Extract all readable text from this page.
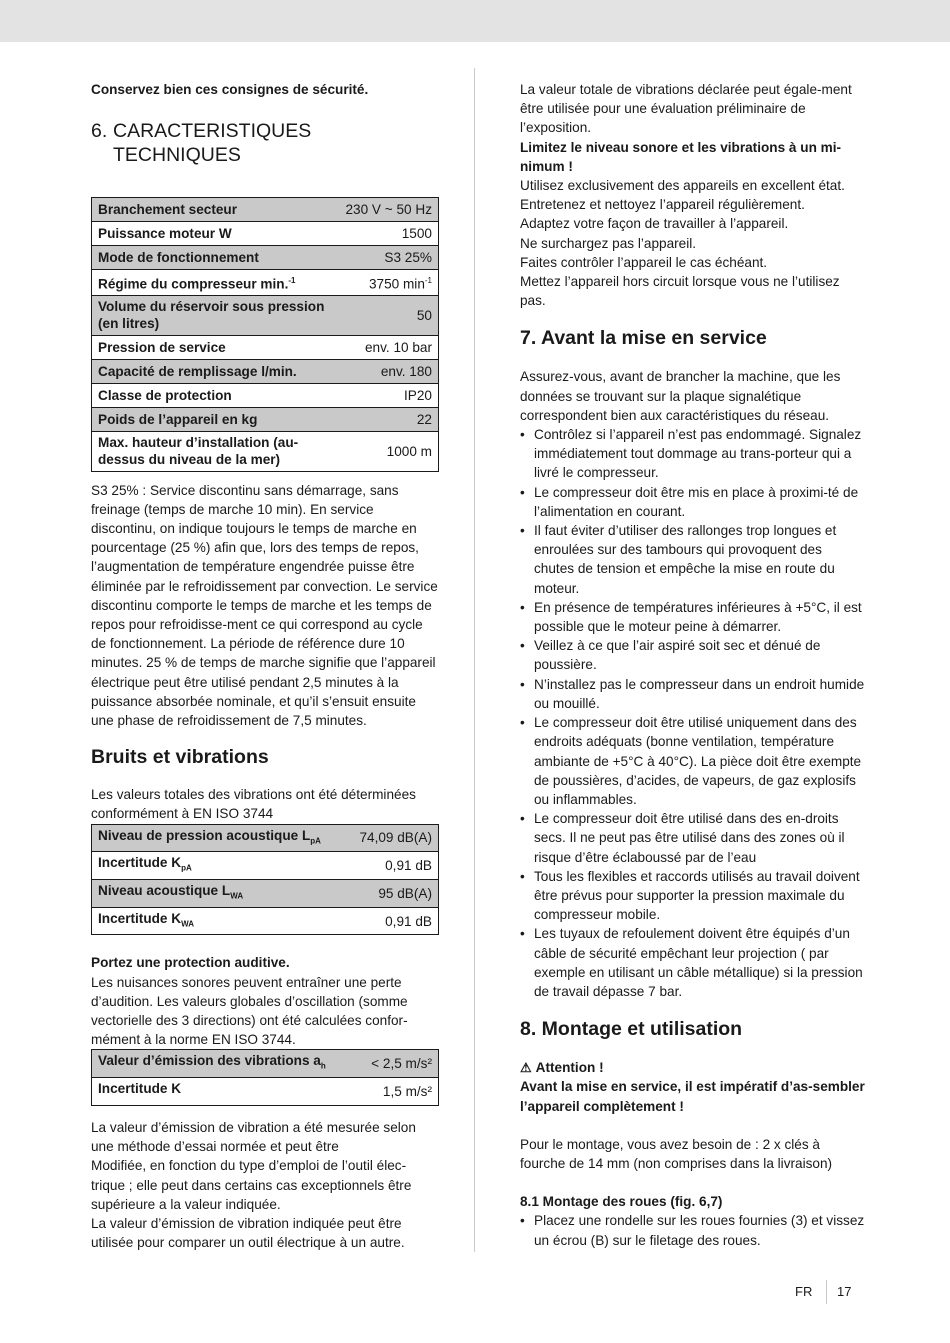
Conservez bien ces consignes de sécurité.

6. CARACTERISTIQUES
TECHNIQUES
Branchement secteur	230 V ~ 50 Hz
Puissance moteur W	1500
Mode de fonctionnement	S3 25%
Régime du compresseur min.$^{-1}$	3750 $\min^{-1}$
Volume du réservoir sous pression (en litres)	50
Pression de service	env. 10 bar
Capacité de remplissage l/min.	env. 180
Classe de protection	IP20
Poids de l’appareil en kg	22
Max. hauteur d’installation (au-dessus du niveau de la mer)	1000 m

S3 25% : Service discontinu sans démarrage, sans freinage (temps de marche 10 min). En service discontinu, on indique toujours le temps de marche en pourcentage (25 %) afin que, lors des temps de repos, l’augmentation de température engendrée puisse être éliminée par le refroidissement par convection. Le service discontinu comporte le temps de marche et les temps de repos pour refroidisse-ment ce qui correspond au cycle de fonctionnement. La période de référence dure 10 minutes. 25 % de temps de marche signifie que l’appareil électrique peut être utilisé pendant 2,5 minutes à la puissance absorbée nominale, et qu’il s’ensuit ensuite une phase de refroidissement de 7,5 minutes.

Bruits et vibrations

Les valeurs totales des vibrations ont été déterminées conformément à EN ISO 3744

Niveau de pression acoustique $L_{pA}$	74,09 dB(A)
Incertitude $K_{pA}$	0,91 dB
Niveau acoustique $L_{WA}$	95 dB(A)
Incertitude $K_{WA}$	0,91 dB

Portez une protection auditive.

Les nuisances sonores peuvent entraîner une perte d’audition. Les valeurs globales d’oscillation (somme vectorielle des 3 directions) ont été calculées confor-mément à la norme EN ISO 3744.

Valeur d’émission des vibrations $a_h$	< 2,5 m/s²
Incertitude K	1,5 m/s²

La valeur d’émission de vibration a été mesurée selon une méthode d’essai normée et peut être

Modifiée, en fonction du type d’emploi de l’outil élec-trique ; elle peut dans certains cas exceptionnels être supérieure a la valeur indiquée.

La valeur d’émission de vibration indiquée peut être utilisée pour comparer un outil électrique à un autre.

La valeur totale de vibrations déclarée peut égale-ment être utilisée pour une évaluation préliminaire de l’exposition.

Limitez le niveau sonore et les vibrations à un mi-nimum !

Utilisez exclusivement des appareils en excellent état.

Entretenez et nettoyez l’appareil régulièrement.

Adaptez votre façon de travailler à l’appareil.

Ne surchargez pas l’appareil.

Faites contrôler l’appareil le cas échéant.

Mettez l’appareil hors circuit lorsque vous ne l’utilisez pas.

7. Avant la mise en service

Assurez-vous, avant de brancher la machine, que les données se trouvant sur la plaque signalétique correspondent bien aux caractéristiques du réseau.

• Contrôlez si l’appareil n’est pas endommagé. Signalez immédiatement tout dommage au trans-porteur qui a livré le compresseur.
• Le compresseur doit être mis en place à proximi-té de l’alimentation en courant.
• Il faut éviter d’utiliser des rallonges trop longues et enroulées sur des tambours qui provoquent des chutes de tension et empêche la mise en route du moteur.
• En présence de températures inférieures à +5°C, il est possible que le moteur peine à démarrer.
• Veillez à ce que l’air aspiré soit sec et dénué de poussière.
• N’installez pas le compresseur dans un endroit humide ou mouillé.
• Le compresseur doit être utilisé uniquement dans des endroits adéquats (bonne ventilation, température ambiante de +5°C à 40°C). La pièce doit être exempte de poussières, d’acides, de vapeurs, de gaz explosifs ou inflammables.
• Le compresseur doit être utilisé dans des en-droits secs. Il ne peut pas être utilisé dans des zones où il risque d’être éclaboussé par de l’eau
• Tous les flexibles et raccords utilisés au travail doivent être prévus pour supporter la pression maximale du compresseur mobile.
• Les tuyaux de refoulement doivent être équipés d’un câble de sécurité empêchant leur projection ( par exemple en utilisant un câble métallique) si la pression de travail dépasse 7 bar.

8. Montage et utilisation

⚠ Attention !

Avant la mise en service, il est impératif d’as-sembler l’appareil complètement !

Pour le montage, vous avez besoin de : 2 x clés à fourche de 14 mm (non comprises dans la livraison)

8.1 Montage des roues (fig. 6,7)

• Placez une rondelle sur les roues fournies (3) et vissez un écrou (B) sur le filetage des roues.
FR 17
